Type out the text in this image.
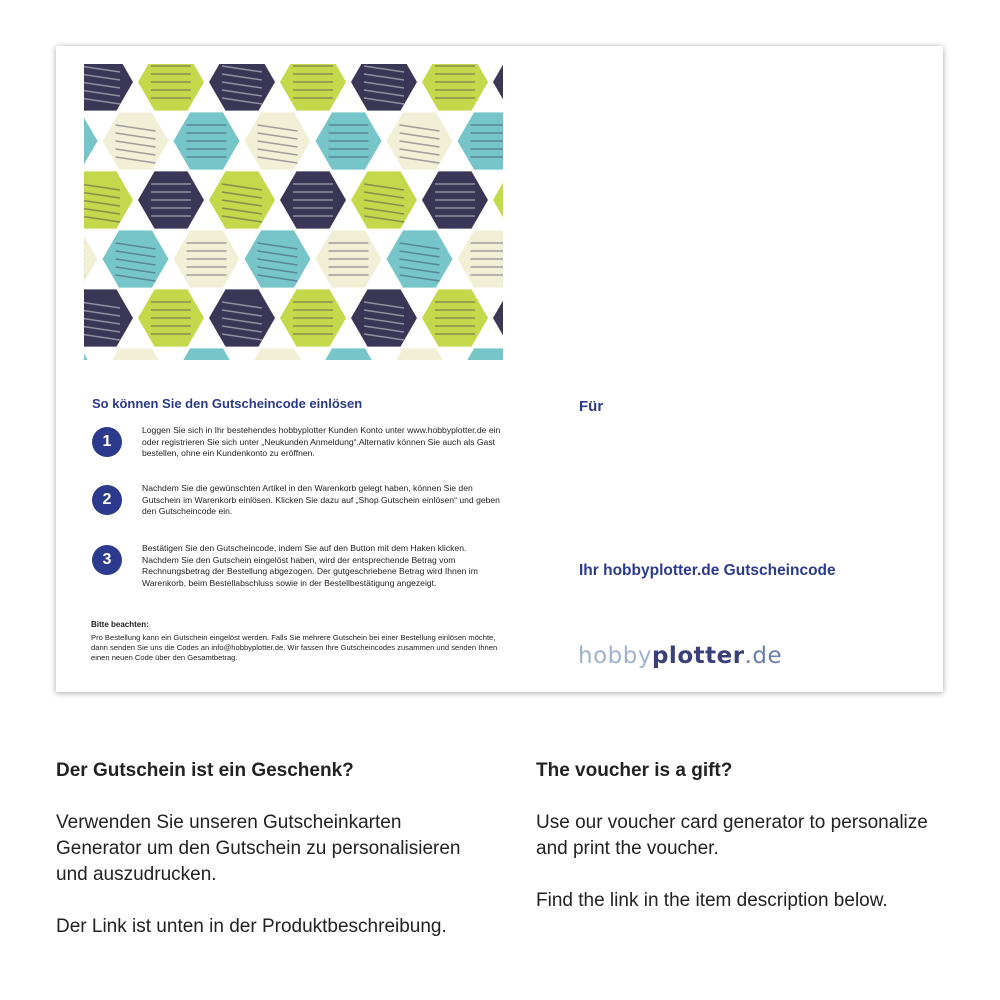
So können Sie den Gutscheincode einlösen
1
Loggen Sie sich in Ihr bestehendes hobbyplotter Kunden Konto unter www.hobbyplotter.de ein oder registrieren Sie sich unter „Neukunden Anmeldung“.Alternativ können Sie auch als Gast bestellen, ohne ein Kundenkonto zu eröffnen.
2
Nachdem Sie die gewünschten Artikel in den Warenkorb gelegt haben, können Sie den Gutschein im Warenkorb einlösen. Klicken Sie dazu auf „Shop Gutschein einlösen“ und geben den Gutscheincode ein.
3
Bestätigen Sie den Gutscheincode, indem Sie auf den Button mit dem Haken klicken. Nachdem Sie den Gutschein eingelöst haben, wird der entsprechende Betrag vom Rechnungsbetrag der Bestellung abgezogen. Der gutgeschriebene Betrag wird Ihnen im Warenkorb, beim Bestellabschluss sowie in der Bestellbestätigung angezeigt.
Bitte beachten:
Pro Bestellung kann ein Gutschein eingelöst werden. Falls Sie mehrere Gutschein bei einer Bestellung einlösen möchte, dann senden Sie uns die Codes an info@hobbyplotter.de. Wir fassen Ihre Gutscheincodes zusammen und senden Ihnen einen neuen Code über den Gesamtbetrag.
Für
Ihr hobbyplotter.de Gutscheincode
hobbyplotter.de
Der Gutschein ist ein Geschenk?

Verwenden Sie unseren Gutscheinkarten Generator um den Gutschein zu personalisieren und auszudrucken.

Der Link ist unten in der Produktbeschreibung.

The voucher is a gift?

Use our voucher card generator to personalize and print the voucher.

Find the link in the item description below.
